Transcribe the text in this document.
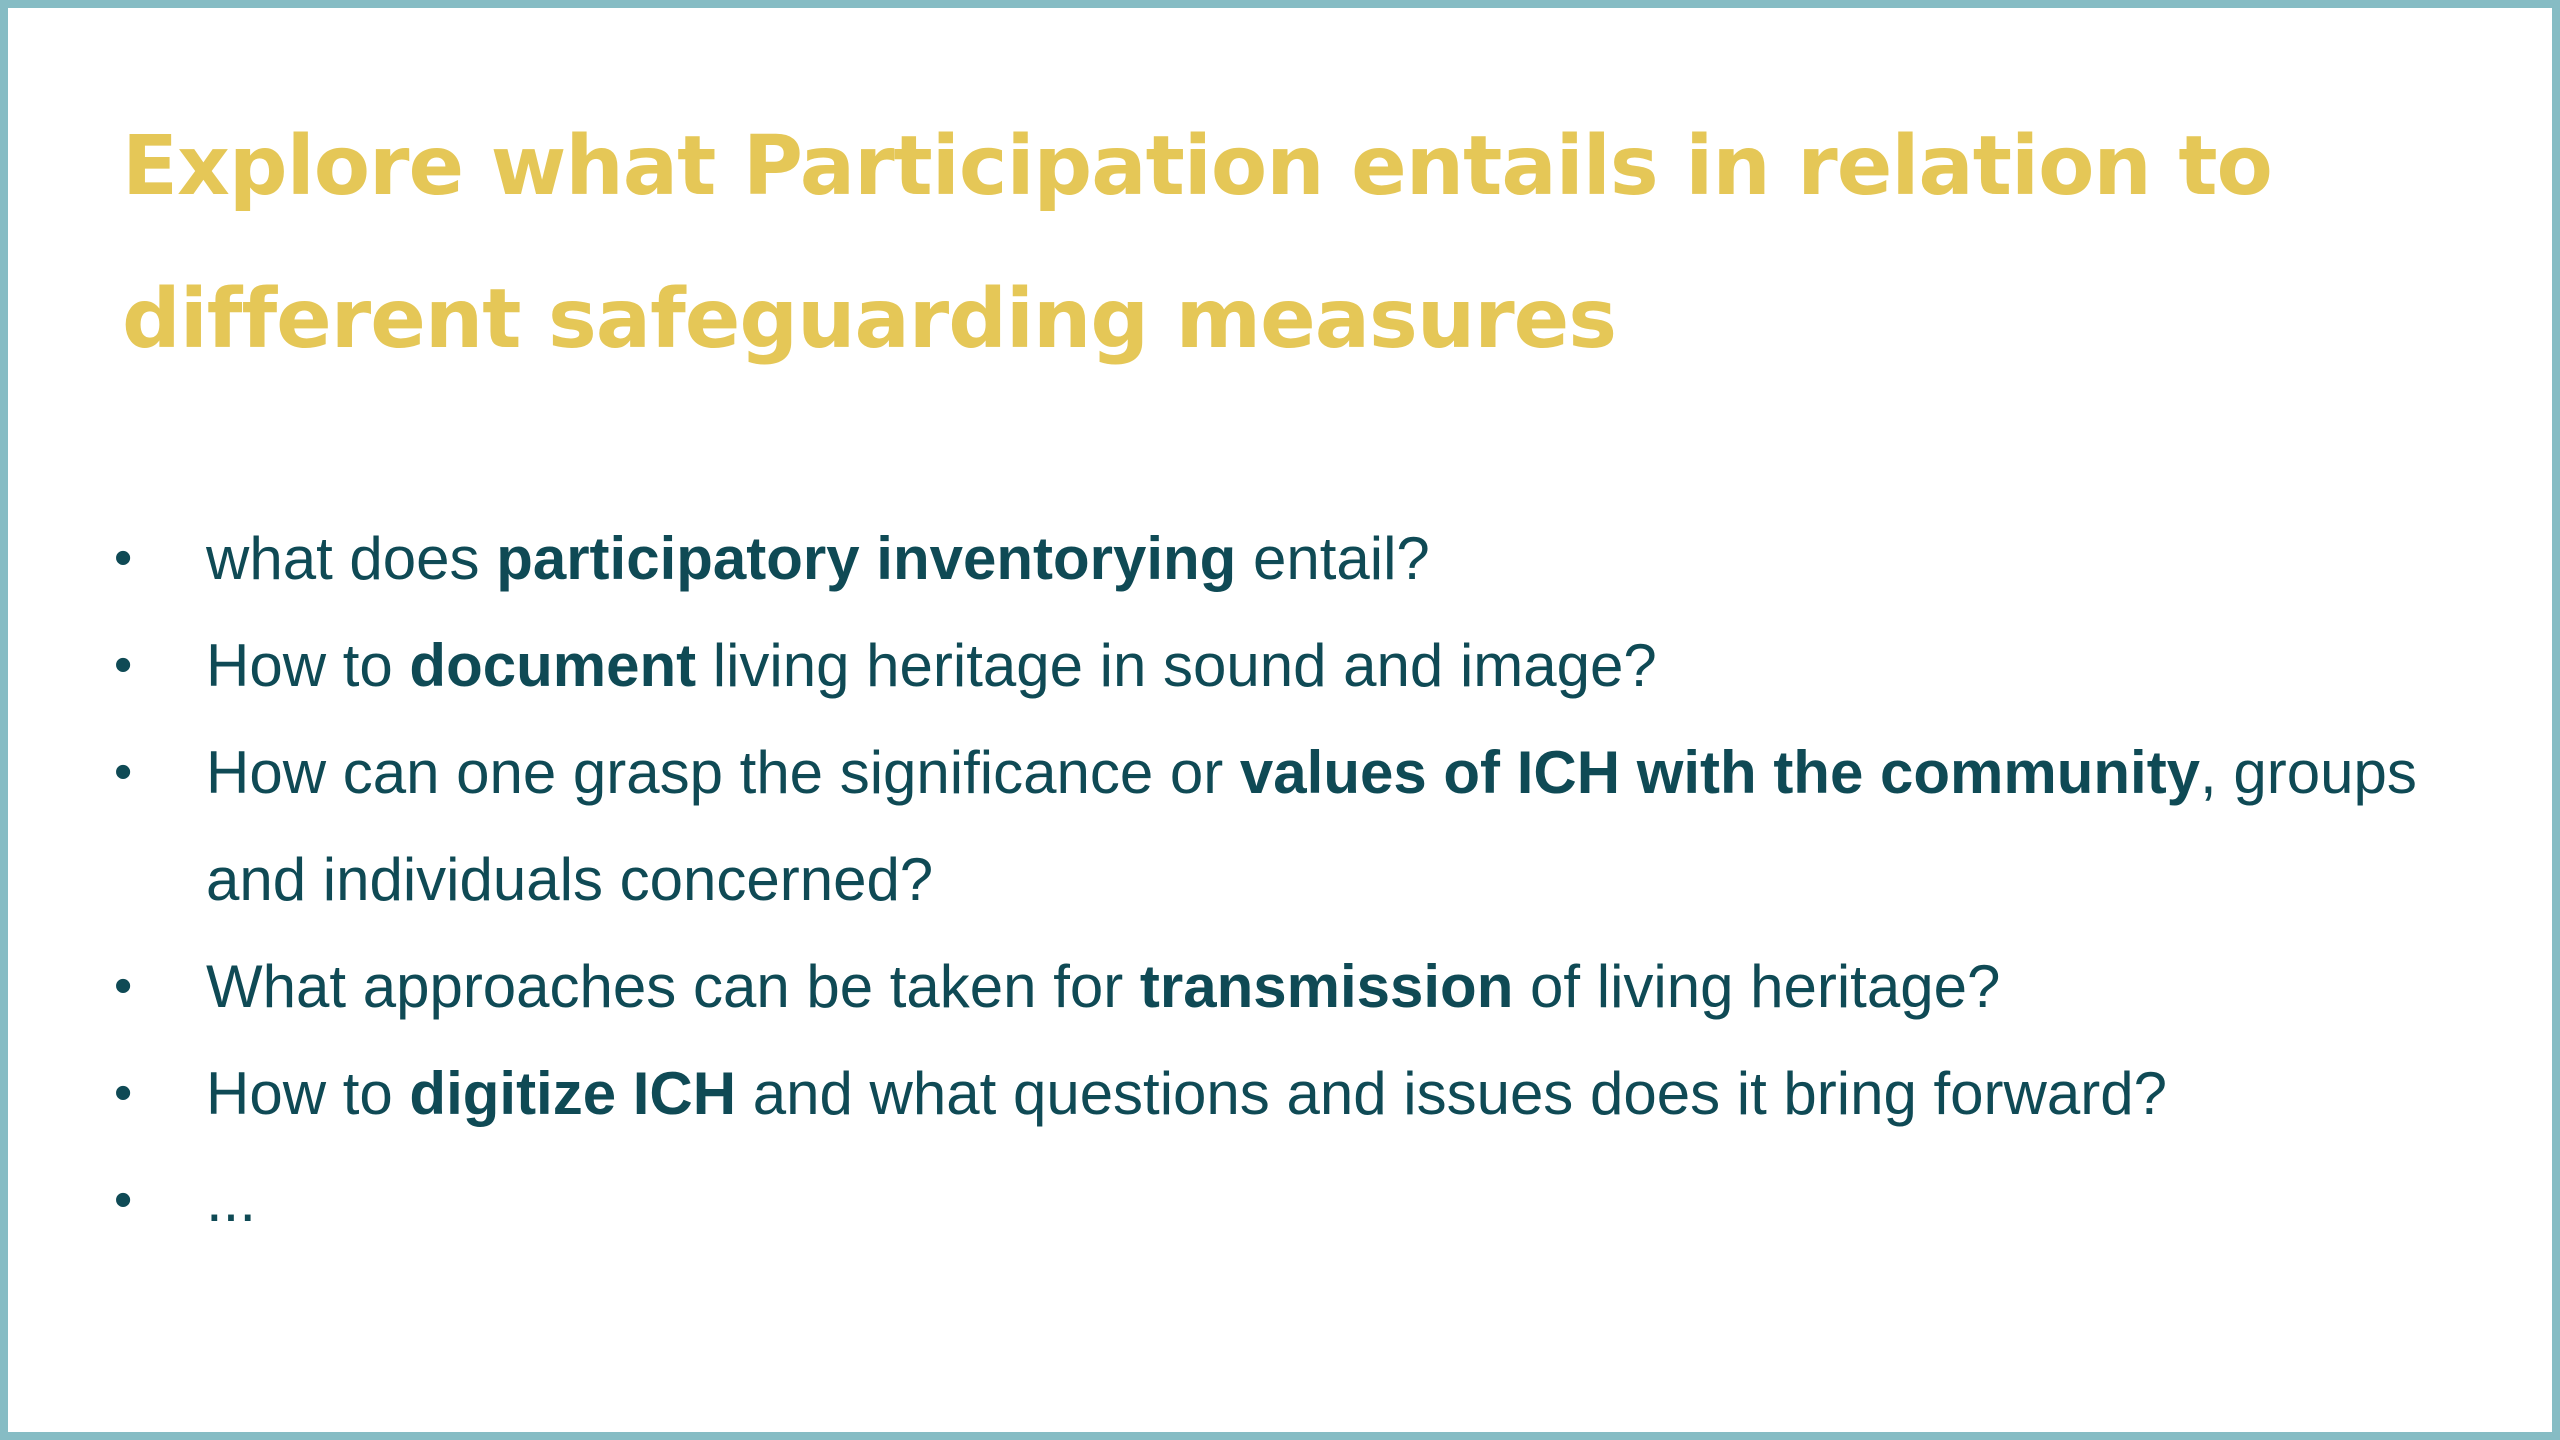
Explore what Participation entails in relation to different safeguarding measures
• what does participatory inventorying entail?
• How to document living heritage in sound and image?
• How can one grasp the significance or values of ICH with the community, groups and individuals concerned?
• What approaches can be taken for transmission of living heritage?
• How to digitize ICH and what questions and issues does it bring forward?
• ...
